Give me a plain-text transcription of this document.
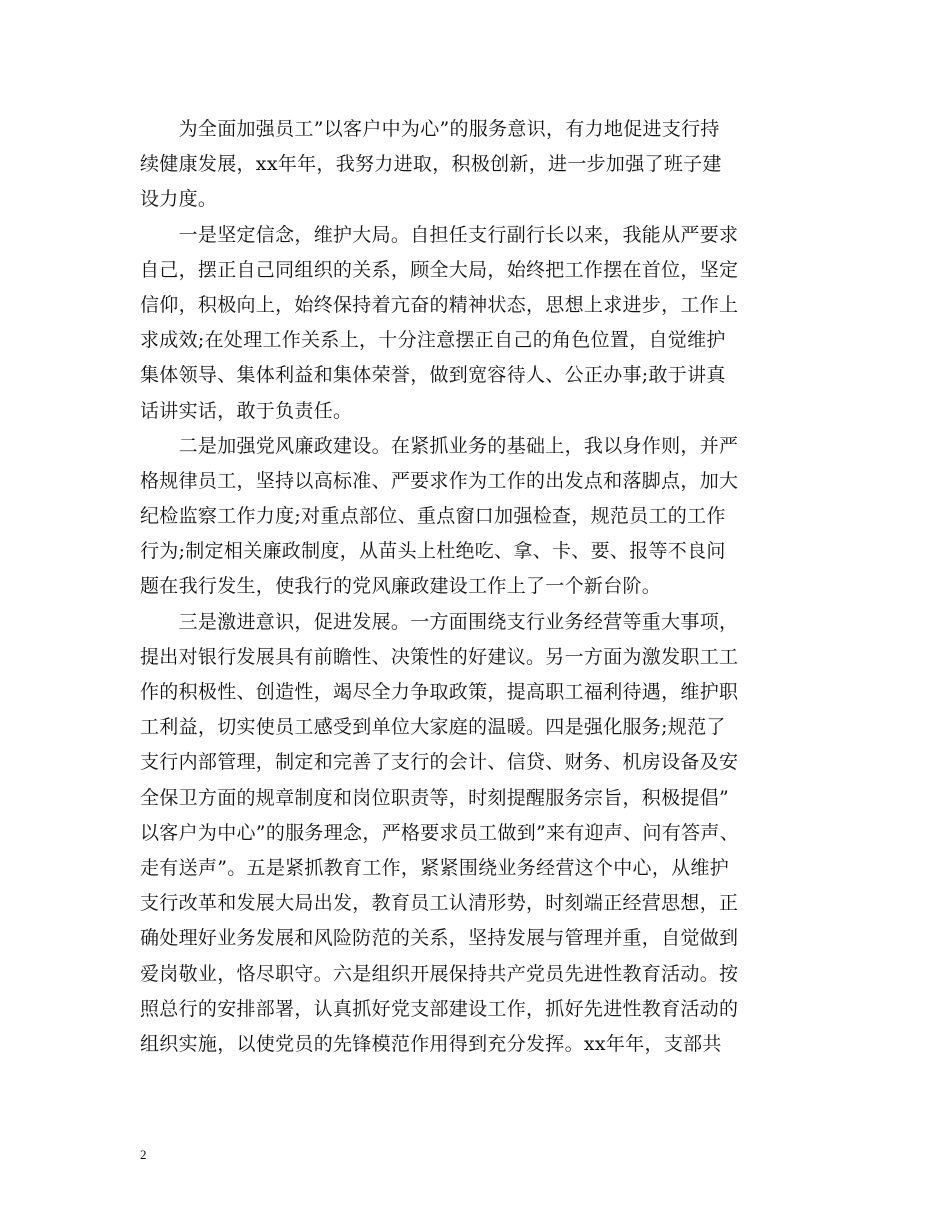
　　为全面加强员工”以客户中为心”的服务意识，有力地促进支行持
续健康发展，xx年年，我努力进取，积极创新，进一步加强了班子建
设力度。
　　一是坚定信念，维护大局。自担任支行副行长以来，我能从严要求
自己，摆正自己同组织的关系，顾全大局，始终把工作摆在首位，坚定
信仰，积极向上，始终保持着亢奋的精神状态，思想上求进步，工作上
求成效;在处理工作关系上，十分注意摆正自己的角色位置，自觉维护
集体领导、集体利益和集体荣誉，做到宽容待人、公正办事;敢于讲真
话讲实话，敢于负责任。
　　二是加强党风廉政建设。在紧抓业务的基础上，我以身作则，并严
格规律员工，坚持以高标准、严要求作为工作的出发点和落脚点，加大
纪检监察工作力度;对重点部位、重点窗口加强检查，规范员工的工作
行为;制定相关廉政制度，从苗头上杜绝吃、拿、卡、要、报等不良问
题在我行发生，使我行的党风廉政建设工作上了一个新台阶。
　　三是激进意识，促进发展。一方面围绕支行业务经营等重大事项，
提出对银行发展具有前瞻性、决策性的好建议。另一方面为激发职工工
作的积极性、创造性，竭尽全力争取政策，提高职工福利待遇，维护职
工利益，切实使员工感受到单位大家庭的温暖。四是强化服务;规范了
支行内部管理，制定和完善了支行的会计、信贷、财务、机房设备及安
全保卫方面的规章制度和岗位职责等，时刻提醒服务宗旨，积极提倡”
以客户为中心”的服务理念，严格要求员工做到”来有迎声、问有答声、
走有送声”。五是紧抓教育工作，紧紧围绕业务经营这个中心，从维护
支行改革和发展大局出发，教育员工认清形势，时刻端正经营思想，正
确处理好业务发展和风险防范的关系，坚持发展与管理并重，自觉做到
爱岗敬业，恪尽职守。六是组织开展保持共产党员先进性教育活动。按
照总行的安排部署，认真抓好党支部建设工作，抓好先进性教育活动的
组织实施，以使党员的先锋模范作用得到充分发挥。xx年年，支部共
2
